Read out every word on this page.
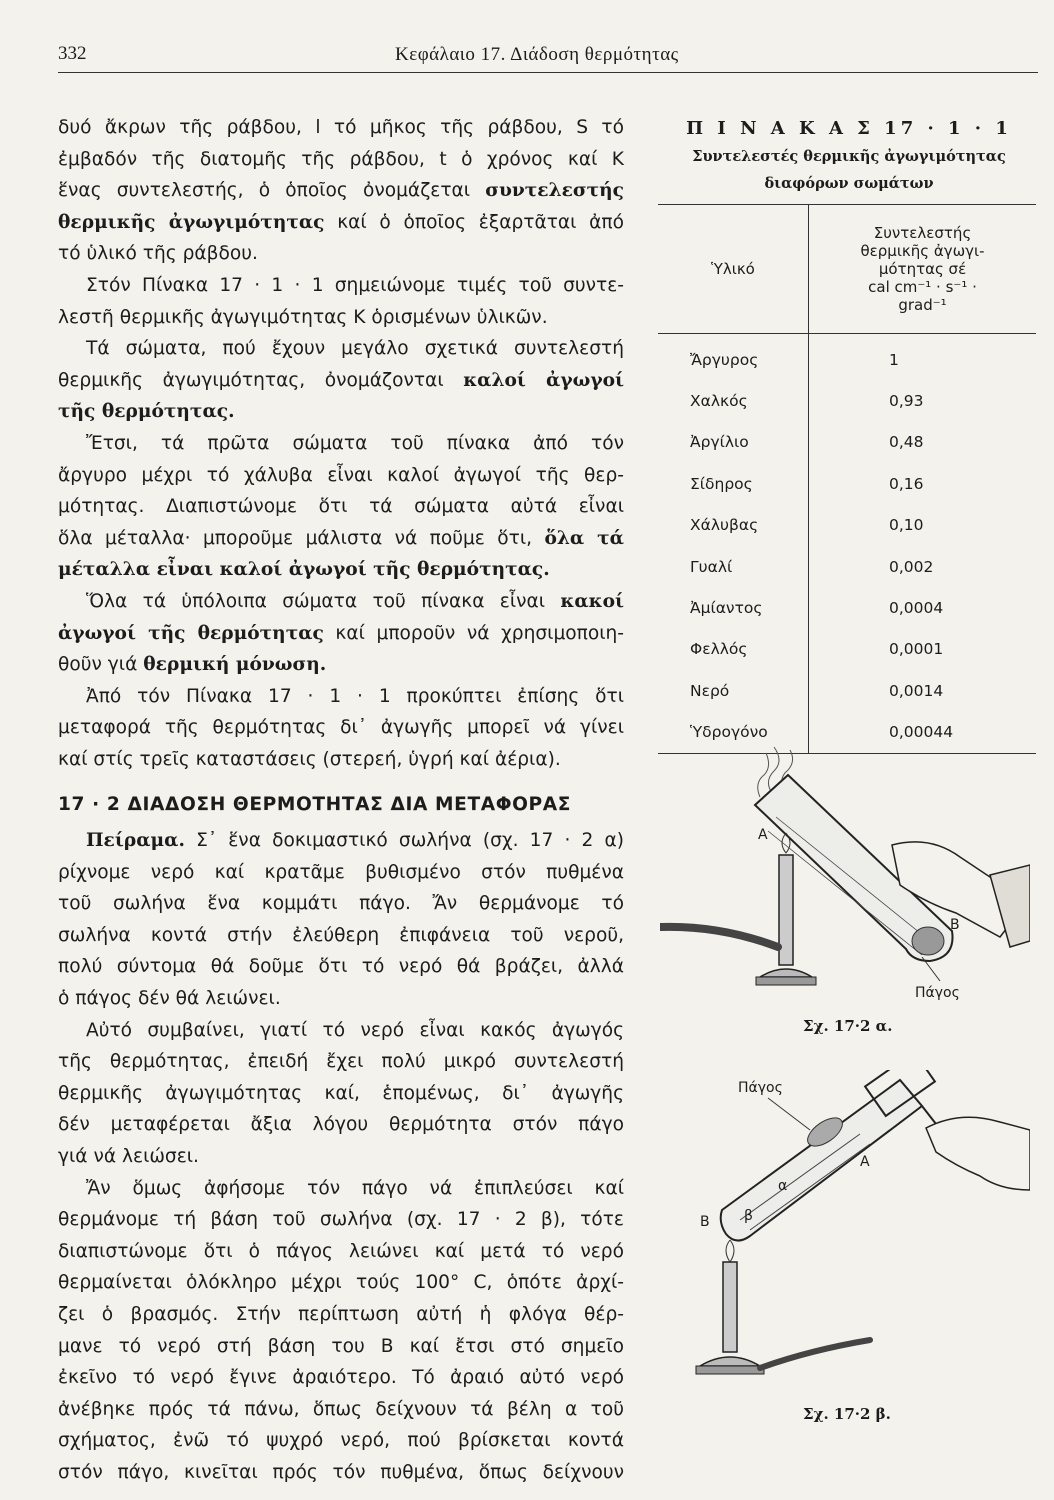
332	Κεφάλαιο 17. Διάδοση θερμότητας

δυό ἄκρων τῆς ράβδου, l τό μῆκος τῆς ράβδου, S τό

ἐμβαδόν τῆς διατομῆς τῆς ράβδου, t ὁ χρόνος καί K

ἕνας συντελεστής, ὁ ὁποῖος ὀνομάζεται συντελεστής

θερμικῆς ἀγωγιμότητας καί ὁ ὁποῖος ἐξαρτᾶται ἀπό

τό ὑλικό τῆς ράβδου.

Στόν Πίνακα 17 · 1 · 1 σημειώνομε τιμές τοῦ συντε-

λεστῆ θερμικῆς ἀγωγιμότητας K ὁρισμένων ὑλικῶν.

Τά σώματα, πού ἔχουν μεγάλο σχετικά συντελεστή

θερμικῆς ἀγωγιμότητας, ὀνομάζονται καλοί ἀγωγοί

τῆς θερμότητας.

Ἔτσι, τά πρῶτα σώματα τοῦ πίνακα ἀπό τόν

ἄργυρο μέχρι τό χάλυβα εἶναι καλοί ἀγωγοί τῆς θερ-

μότητας. Διαπιστώνομε ὅτι τά σώματα αὐτά εἶναι

ὅλα μέταλλα· μποροῦμε μάλιστα νά ποῦμε ὅτι, ὅλα τά

μέταλλα εἶναι καλοί ἀγωγοί τῆς θερμότητας.

Ὅλα τά ὑπόλοιπα σώματα τοῦ πίνακα εἶναι κακοί

ἀγωγοί τῆς θερμότητας καί μποροῦν νά χρησιμοποιη-

θοῦν γιά θερμική μόνωση.

Ἀπό τόν Πίνακα 17 · 1 · 1 προκύπτει ἐπίσης ὅτι

μεταφορά τῆς θερμότητας δι᾽ ἀγωγῆς μπορεῖ νά γίνει

καί στίς τρεῖς καταστάσεις (στερεή, ὑγρή καί ἀέρια).

17 · 2 ΔΙΑΔΟΣΗ ΘΕΡΜΟΤΗΤΑΣ ΔΙΑ ΜΕΤΑΦΟΡΑΣ

Πείραμα. Σ᾽ ἕνα δοκιμαστικό σωλήνα (σχ. 17 · 2 α)

ρίχνομε νερό καί κρατᾶμε βυθισμένο στόν πυθμένα

τοῦ σωλήνα ἕνα κομμάτι πάγο. Ἄν θερμάνομε τό

σωλήνα κοντά στήν ἐλεύθερη ἐπιφάνεια τοῦ νεροῦ,

πολύ σύντομα θά δοῦμε ὅτι τό νερό θά βράζει, ἀλλά

ὁ πάγος δέν θά λειώνει.

Αὐτό συμβαίνει, γιατί τό νερό εἶναι κακός ἀγωγός

τῆς θερμότητας, ἐπειδή ἔχει πολύ μικρό συντελεστή

θερμικῆς ἀγωγιμότητας καί, ἑπομένως, δι᾽ ἀγωγῆς

δέν μεταφέρεται ἄξια λόγου θερμότητα στόν πάγο

γιά νά λειώσει.

Ἄν ὅμως ἀφήσομε τόν πάγο νά ἐπιπλεύσει καί

θερμάνομε τή βάση τοῦ σωλήνα (σχ. 17 · 2 β), τότε

διαπιστώνομε ὅτι ὁ πάγος λειώνει καί μετά τό νερό

θερμαίνεται ὁλόκληρο μέχρι τούς 100° C, ὁπότε ἀρχί-

ζει ὁ βρασμός. Στήν περίπτωση αὐτή ἡ φλόγα θέρ-

μανε τό νερό στή βάση του B καί ἔτσι στό σημεῖο

ἐκεῖνο τό νερό ἔγινε ἀραιότερο. Τό ἀραιό αὐτό νερό

ἀνέβηκε πρός τά πάνω, ὅπως δείχνουν τά βέλη α τοῦ

σχήματος, ἐνῶ τό ψυχρό νερό, πού βρίσκεται κοντά

στόν πάγο, κινεῖται πρός τόν πυθμένα, ὅπως δείχνουν

Π Ι Ν Α Κ Α Σ 17 · 1 · 1
Συντελεστές θερμικῆς ἀγωγιμότητας
διαφόρων σωμάτων
Ὑλικό	Συντελεστής
θερμικῆς ἀγωγι-
μότητας σέ
cal cm⁻¹ · s⁻¹ ·
grad⁻¹

Ἄργυρος	1
Χαλκός	0,93
Ἀργίλιο	0,48
Σίδηρος	0,16
Χάλυβας	0,10
Γυαλί	0,002
Ἀμίαντος	0,0004
Φελλός	0,0001
Νερό	0,0014
Ὑδρογόνο	0,00044
A
B
Πάγος
Σχ. 17·2 α.
Πάγος
A
B
α
β
Σχ. 17·2 β.
